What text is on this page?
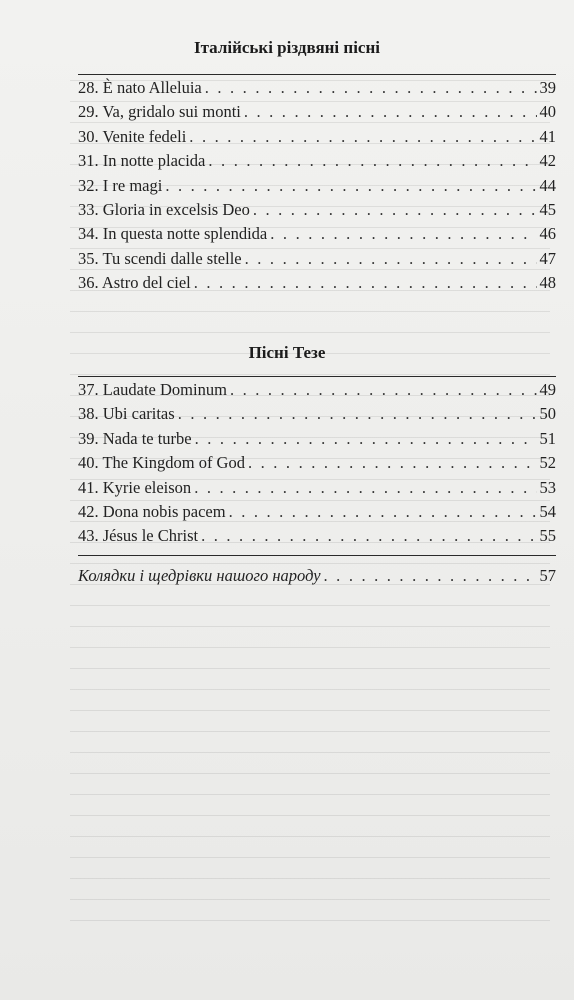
Італійські різдвяні пісні
28. È nato Alleluia . . .	39
29. Va, gridalo sui monti . . .	40
30. Venite fedeli . . .	41
31. In notte placida . . .	42
32. I re magi . . .	44
33. Gloria in excelsis Deo . . .	45
34. In questa notte splendida . . .	46
35. Tu scendi dalle stelle . . .	47
36. Astro del ciel . . .	48
Пісні Тезе
37. Laudate Dominum . . .	49
38. Ubi caritas . . .	50
39. Nada te turbe . . .	51
40. The Kingdom of God . . .	52
41. Kyrie eleison . . .	53
42. Dona nobis pacem . . .	54
43. Jésus le Christ . . .	55
Колядки і щедрівки нашого народу . . .	57
